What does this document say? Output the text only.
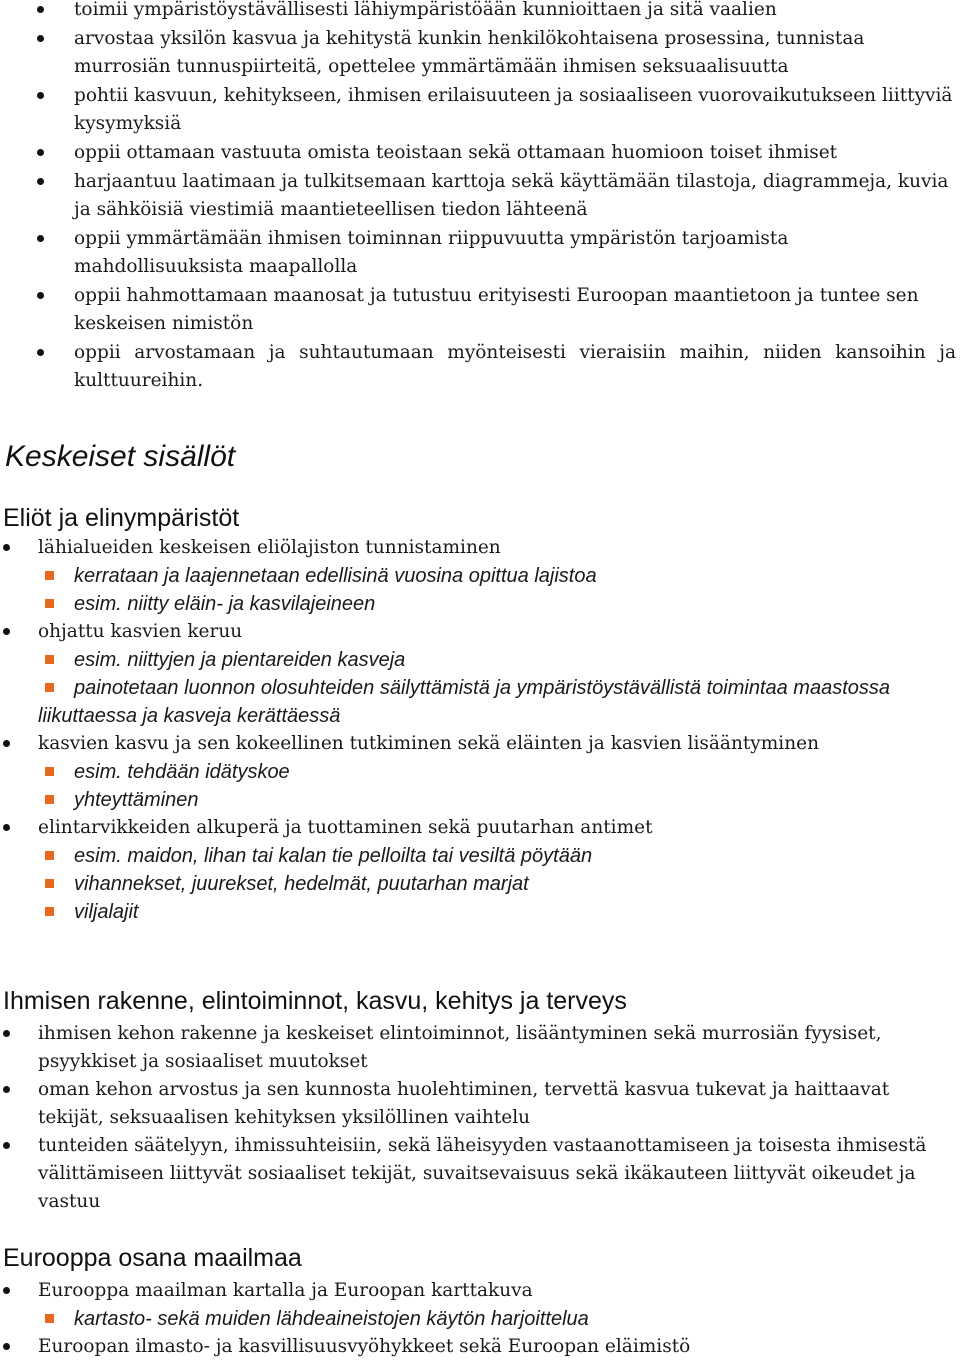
toimii ympäristöystävällisesti lähiympäristöään kunnioittaen ja sitä vaalien
arvostaa yksilön kasvua ja kehitystä kunkin henkilökohtaisena prosessina, tunnistaa murrosiän tunnuspiirteitä, opettelee ymmärtämään ihmisen seksuaalisuutta
pohtii kasvuun, kehitykseen, ihmisen erilaisuuteen ja sosiaaliseen vuorovaikutukseen liittyviä kysymyksiä
oppii ottamaan vastuuta omista teoistaan sekä ottamaan huomioon toiset ihmiset
harjaantuu laatimaan ja tulkitsemaan karttoja sekä käyttämään tilastoja, diagrammeja, kuvia ja sähköisiä viestimiä maantieteellisen tiedon lähteenä
oppii ymmärtämään ihmisen toiminnan riippuvuutta ympäristön tarjoamista mahdollisuuksista maapallolla
oppii hahmottamaan maanosat ja tutustuu erityisesti Euroopan maantietoon ja tuntee sen keskeisen nimistön
oppii arvostamaan ja suhtautumaan myönteisesti vieraisiin maihin, niiden kansoihin ja kulttuureihin.
Keskeiset sisällöt
Eliöt ja elinympäristöt
lähialueiden keskeisen eliölajiston tunnistaminen
kerrataan ja laajennetaan edellisinä vuosina opittua lajistoa
esim. niitty eläin- ja kasvilajeineen
ohjattu kasvien keruu
esim. niittyjen ja pientareiden kasveja
painotetaan luonnon olosuhteiden säilyttämistä ja ympäristöystävällistä toimintaa maastossa liikuttaessa ja kasveja kerättäessä
kasvien kasvu ja sen kokeellinen tutkiminen sekä eläinten ja kasvien lisääntyminen
esim. tehdään idätyskoe
yhteyttäminen
elintarvikkeiden alkuperä ja tuottaminen sekä puutarhan antimet
esim. maidon, lihan tai kalan tie pelloilta tai vesiltä pöytään
vihannekset, juurekset, hedelmät, puutarhan marjat
viljalajit
Ihmisen rakenne, elintoiminnot, kasvu, kehitys ja terveys
ihmisen kehon rakenne ja keskeiset elintoiminnot, lisääntyminen sekä murrosiän fyysiset, psyykkiset ja sosiaaliset muutokset
oman kehon arvostus ja sen kunnosta huolehtiminen, tervettä kasvua tukevat ja haittaavat tekijät, seksuaalisen kehityksen yksilöllinen vaihtelu
tunteiden säätelyyn, ihmissuhteisiin, sekä läheisyyden vastaanottamiseen ja toisesta ihmisestä välittämiseen liittyvät sosiaaliset tekijät, suvaitsevaisuus sekä ikäkauteen liittyvät oikeudet ja vastuu
Eurooppa osana maailmaa
Eurooppa maailman kartalla ja Euroopan karttakuva
kartasto- sekä muiden lähdeaineistojen käytön harjoittelua
Euroopan ilmasto- ja kasvillisuusvyöhykkeet sekä Euroopan eläimistö
